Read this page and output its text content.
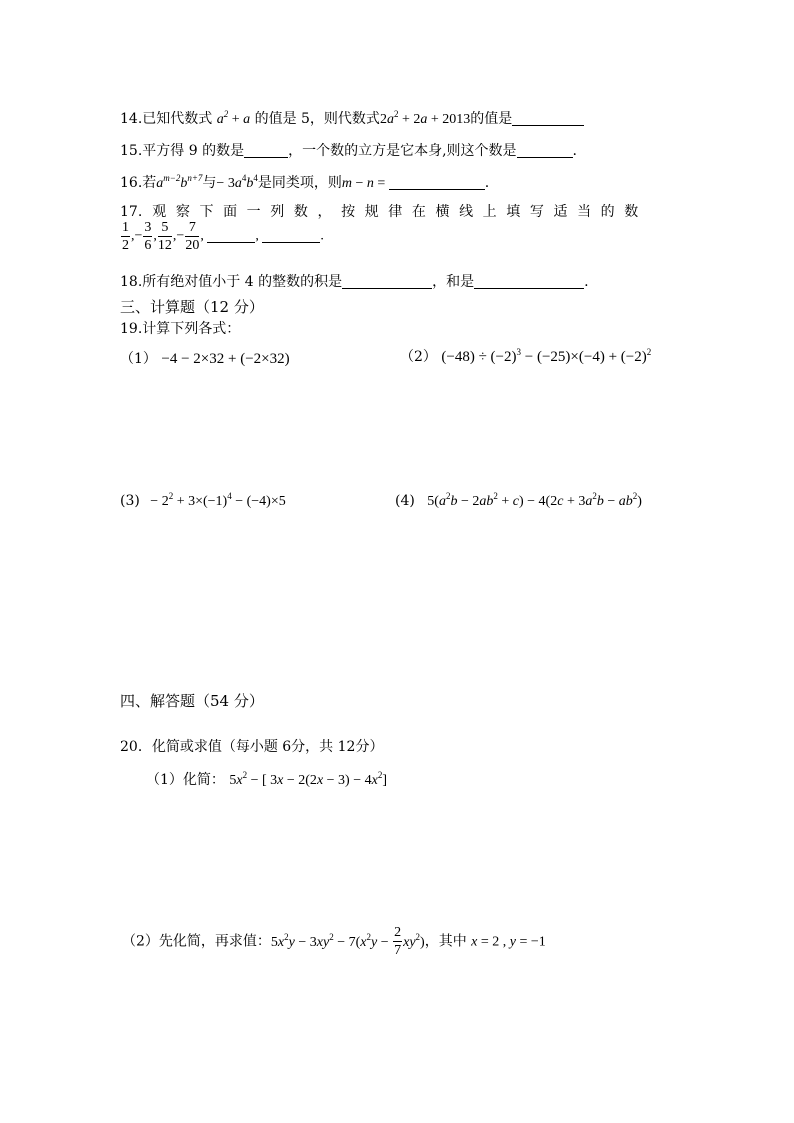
14.已知代数式 $a^2 + a$ 的值是 5，则代数式$2a^2 + 2a + 2013$的值是
15.平方得 9 的数是	，一个数的立方是它本身,则这个数是	.
16.若$a^{m-2}b^{n+7}$与− $3a^4b^4$是同类项，则m − n =	.
17. 观察下面一列数，按规律在横线上填写适当的数
$\frac{1}{2}$ ,− $\frac{3}{6}$ , $\frac{5}{12}$ ,− $\frac{7}{20}$ ,	,	.
18.所有绝对值小于 4 的整数的积是	，和是	.
三、计算题（12 分）
19.计算下列各式：
（1） −4 − 2×32 + (−2×32)	（2） $(-48) \div (-2)^3 - (-25)\times(-4) + (-2)^2$
$(3) - 2^2 + 3\times(-1)^4 - (-4)\times 5$	(4) $5(a^2b - 2ab^2 + c) - 4(2c + 3a^2b - ab^2)$
四、解答题（54 分）
20．化简或求值（每小题 6分，共 12分）
（1）化简： $5x^2$ − [ $3x - 2(2x - 3) - 4x^2$]
（2）先化简，再求值：$5x^2y - 3xy^2 - 7(x^2y - \frac{2}{7} xy^2)$，其中 x = 2 , y = −1
